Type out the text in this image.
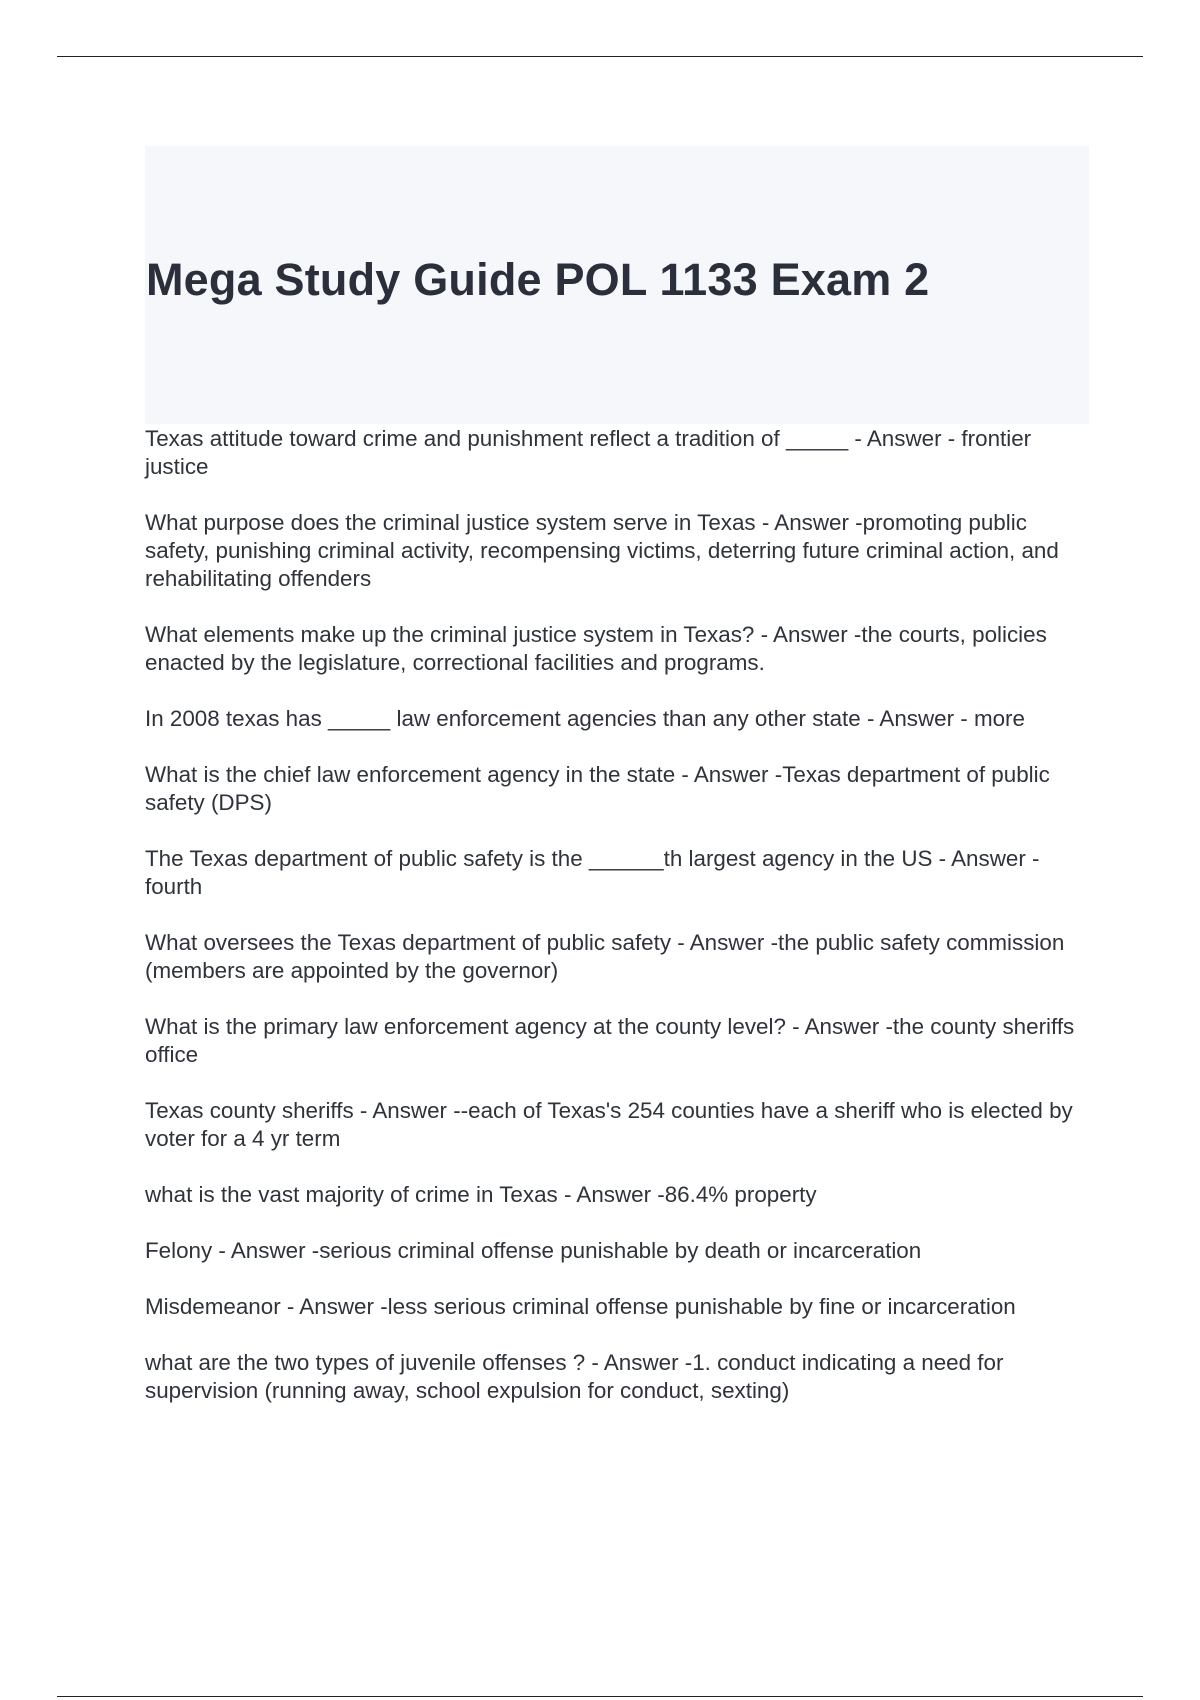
Mega Study Guide POL 1133 Exam 2

Texas attitude toward crime and punishment reflect a tradition of _____ - Answer - frontier justice

What purpose does the criminal justice system serve in Texas - Answer -promoting public safety, punishing criminal activity, recompensing victims, deterring future criminal action, and rehabilitating offenders

What elements make up the criminal justice system in Texas? - Answer -the courts, policies enacted by the legislature, correctional facilities and programs.

In 2008 texas has _____ law enforcement agencies than any other state - Answer - more

What is the chief law enforcement agency in the state - Answer -Texas department of public safety (DPS)

The Texas department of public safety is the ______th largest agency in the US - Answer -fourth

What oversees the Texas department of public safety - Answer -the public safety commission (members are appointed by the governor)

What is the primary law enforcement agency at the county level? - Answer -the county sheriffs office

Texas county sheriffs - Answer --each of Texas's 254 counties have a sheriff who is elected by voter for a 4 yr term

what is the vast majority of crime in Texas - Answer -86.4% property

Felony - Answer -serious criminal offense punishable by death or incarceration

Misdemeanor - Answer -less serious criminal offense punishable by fine or incarceration

what are the two types of juvenile offenses ? - Answer -1. conduct indicating a need for supervision (running away, school expulsion for conduct, sexting)
